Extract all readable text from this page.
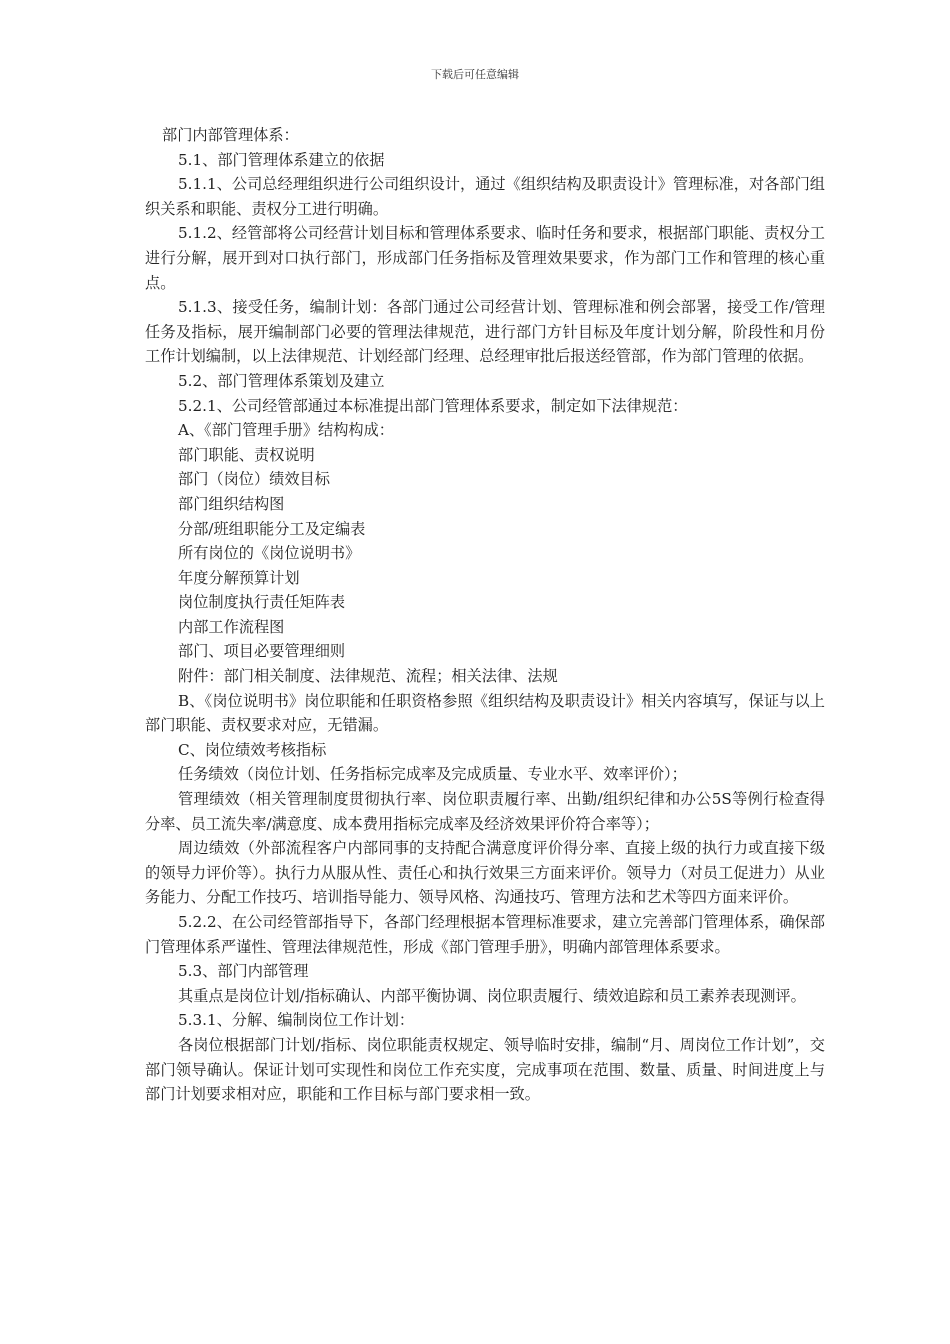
下载后可任意编辑

部门内部管理体系：

5.1、部门管理体系建立的依据

5.1.1、公司总经理组织进行公司组织设计，通过《组织结构及职责设计》管理标准，对各部门组织关系和职能、责权分工进行明确。

5.1.2、经管部将公司经营计划目标和管理体系要求、临时任务和要求，根据部门职能、责权分工进行分解，展开到对口执行部门，形成部门任务指标及管理效果要求，作为部门工作和管理的核心重点。

5.1.3、接受任务，编制计划：各部门通过公司经营计划、管理标准和例会部署，接受工作/管理任务及指标，展开编制部门必要的管理法律规范，进行部门方针目标及年度计划分解，阶段性和月份工作计划编制，以上法律规范、计划经部门经理、总经理审批后报送经管部，作为部门管理的依据。

5.2、部门管理体系策划及建立

5.2.1、公司经管部通过本标准提出部门管理体系要求，制定如下法律规范：

A、《部门管理手册》结构构成：

部门职能、责权说明

部门（岗位）绩效目标

部门组织结构图

分部/班组职能分工及定编表

所有岗位的《岗位说明书》

年度分解预算计划

岗位制度执行责任矩阵表

内部工作流程图

部门、项目必要管理细则

附件：部门相关制度、法律规范、流程；相关法律、法规

B、《岗位说明书》岗位职能和任职资格参照《组织结构及职责设计》相关内容填写，保证与以上部门职能、责权要求对应，无错漏。

C、岗位绩效考核指标

任务绩效（岗位计划、任务指标完成率及完成质量、专业水平、效率评价）；

管理绩效（相关管理制度贯彻执行率、岗位职责履行率、出勤/组织纪律和办公5S等例行检查得分率、员工流失率/满意度、成本费用指标完成率及经济效果评价符合率等）；

周边绩效（外部流程客户内部同事的支持配合满意度评价得分率、直接上级的执行力或直接下级的领导力评价等）。执行力从服从性、责任心和执行效果三方面来评价。领导力（对员工促进力）从业务能力、分配工作技巧、培训指导能力、领导风格、沟通技巧、管理方法和艺术等四方面来评价。

5.2.2、在公司经管部指导下，各部门经理根据本管理标准要求，建立完善部门管理体系，确保部门管理体系严谨性、管理法律规范性，形成《部门管理手册》，明确内部管理体系要求。

5.3、部门内部管理

其重点是岗位计划/指标确认、内部平衡协调、岗位职责履行、绩效追踪和员工素养表现测评。

5.3.1、分解、编制岗位工作计划：

各岗位根据部门计划/指标、岗位职能责权规定、领导临时安排，编制“月、周岗位工作计划”，交部门领导确认。保证计划可实现性和岗位工作充实度，完成事项在范围、数量、质量、时间进度上与部门计划要求相对应，职能和工作目标与部门要求相一致。
